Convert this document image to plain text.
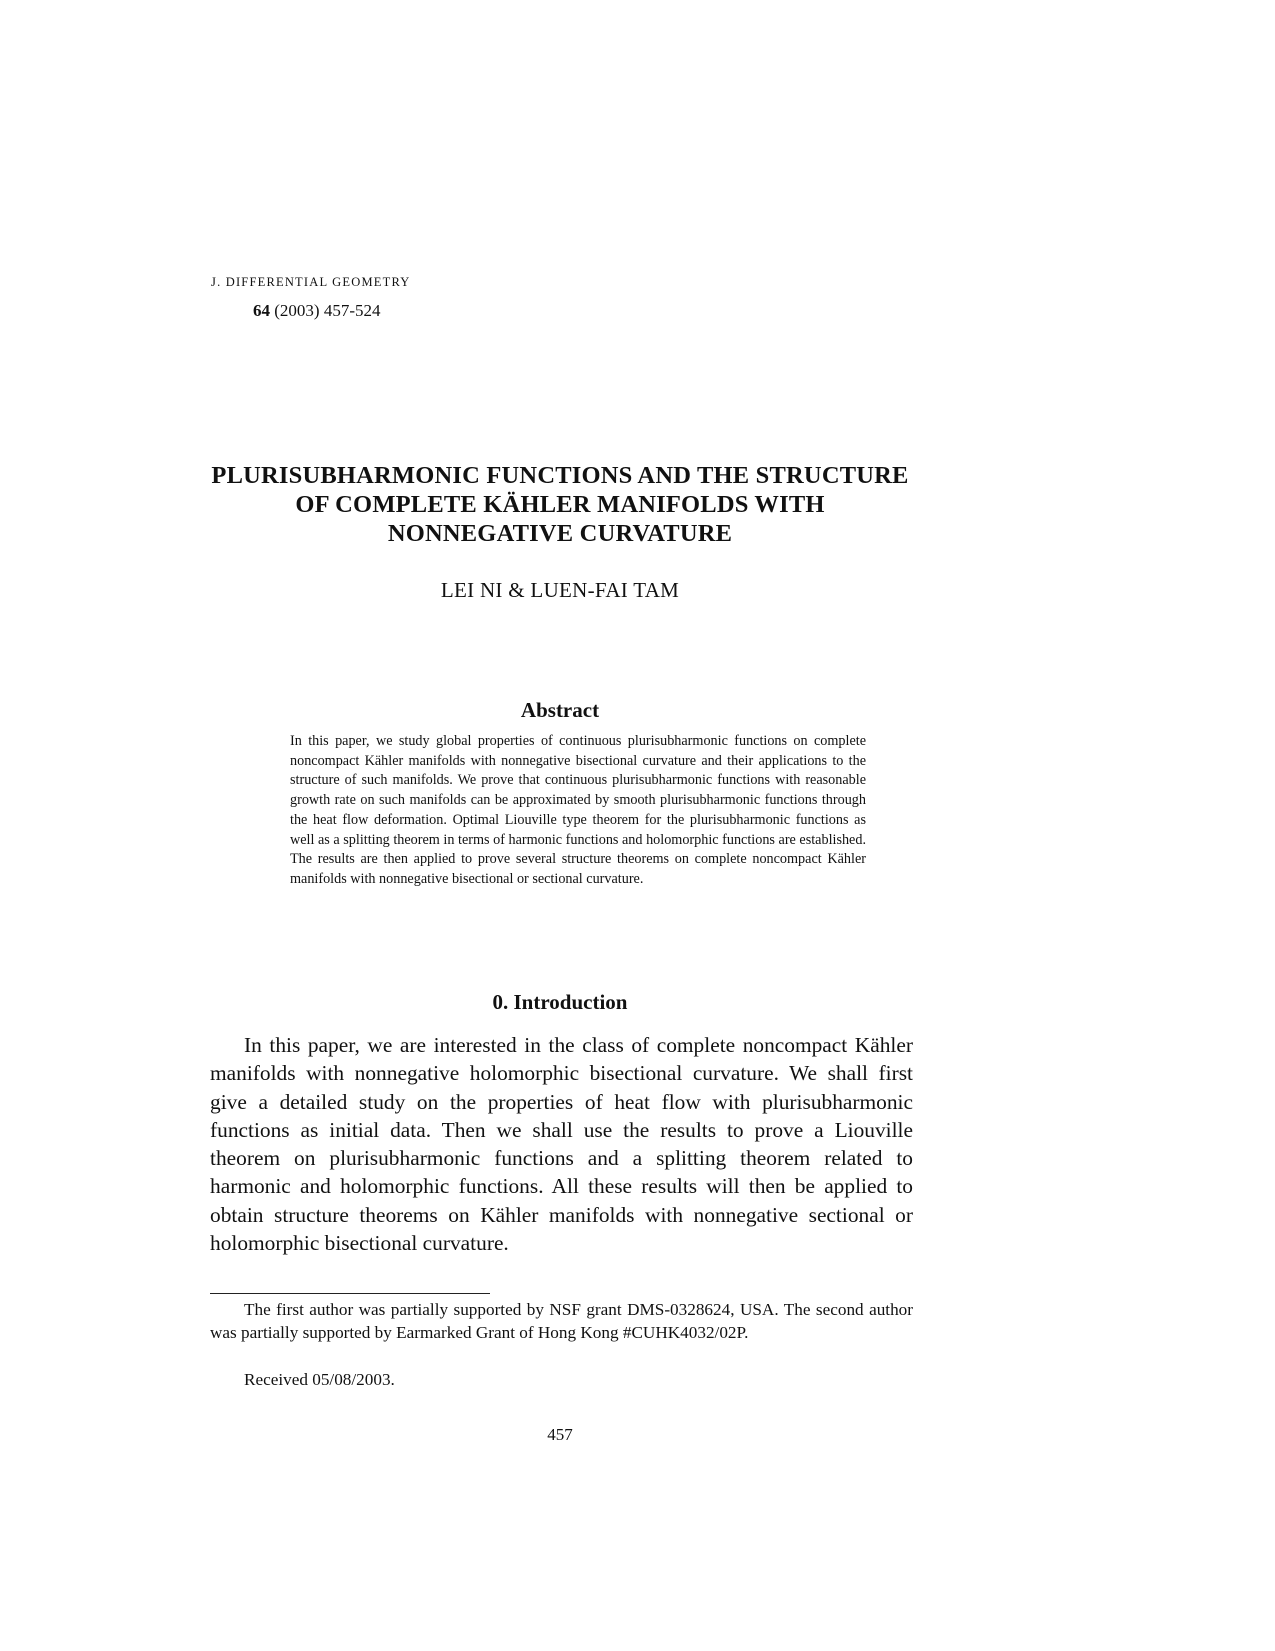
J. DIFFERENTIAL GEOMETRY
64 (2003) 457-524
PLURISUBHARMONIC FUNCTIONS AND THE STRUCTURE OF COMPLETE KÄHLER MANIFOLDS WITH NONNEGATIVE CURVATURE
LEI NI & LUEN-FAI TAM
Abstract
In this paper, we study global properties of continuous plurisubharmonic functions on complete noncompact Kähler manifolds with nonnegative bisectional curvature and their applications to the structure of such manifolds. We prove that continuous plurisubharmonic functions with reasonable growth rate on such manifolds can be approximated by smooth plurisubharmonic functions through the heat flow deformation. Optimal Liouville type theorem for the plurisubharmonic functions as well as a splitting theorem in terms of harmonic functions and holomorphic functions are established. The results are then applied to prove several structure theorems on complete noncompact Kähler manifolds with nonnegative bisectional or sectional curvature.
0. Introduction
In this paper, we are interested in the class of complete noncompact Kähler manifolds with nonnegative holomorphic bisectional curvature. We shall first give a detailed study on the properties of heat flow with plurisubharmonic functions as initial data. Then we shall use the results to prove a Liouville theorem on plurisubharmonic functions and a splitting theorem related to harmonic and holomorphic functions. All these results will then be applied to obtain structure theorems on Kähler manifolds with nonnegative sectional or holomorphic bisectional curvature.
The first author was partially supported by NSF grant DMS-0328624, USA. The second author was partially supported by Earmarked Grant of Hong Kong #CUHK4032/02P.
Received 05/08/2003.
457
